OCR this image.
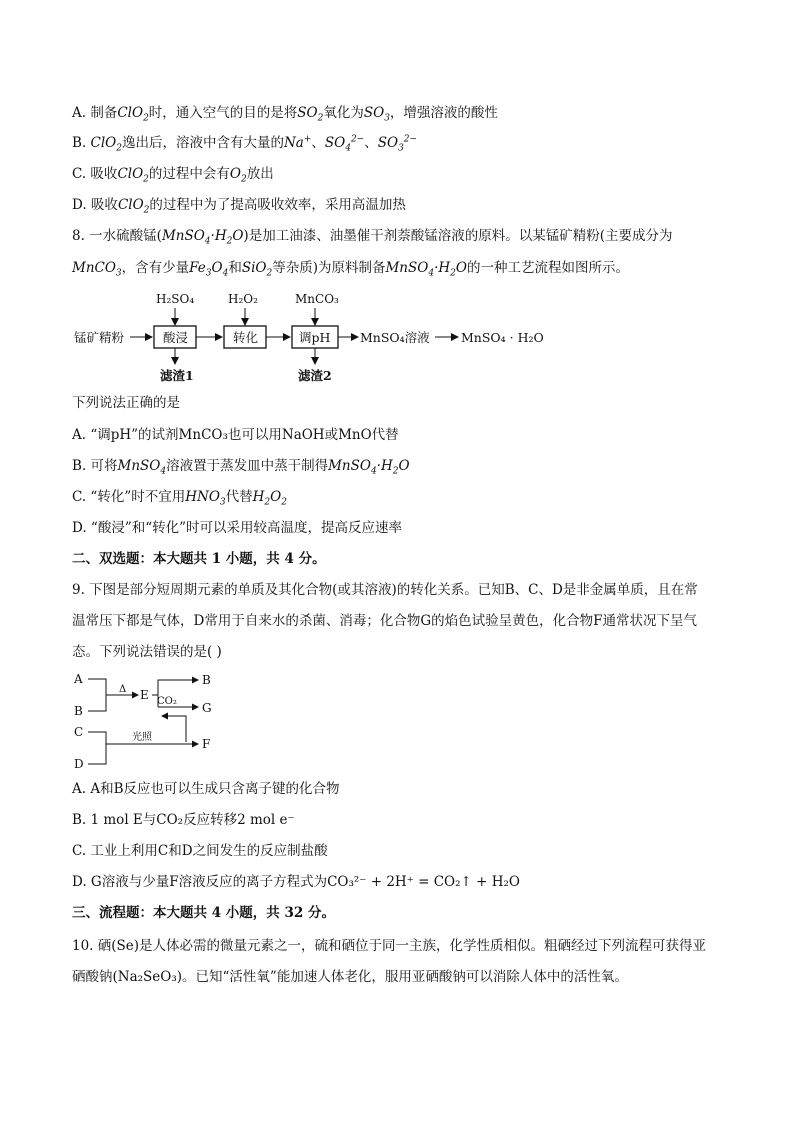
A. 制备ClO$_2$时，通入空气的目的是将$SO_2$氧化为$SO_3$，增强溶液的酸性
B. ClO$_2$逸出后，溶液中含有大量的Na+、$SO_4^{2-}$、$SO_3^{2-}$
C. 吸收ClO$_2$的过程中会有$O_2$放出
D. 吸收ClO$_2$的过程中为了提高吸收效率，采用高温加热
8. 一水硫酸锰$(MnSO_4\cdot H_2O)$是加工油漆、油墨催干剂萘酸锰溶液的原料。以某锰矿精粉(主要成分为
MnCO$_3$，含有少量$Fe_3O_4$和SiO$_2$等杂质)为原料制备$MnSO_4\cdot H_2O$的一种工艺流程如图所示。
H₂SO₄	H₂O₂	MnCO₃
锰矿精粉	酸浸	转化	调pH MnSO₄溶液	MnSO₄ · H₂O
滤渣1	滤渣2
下列说法正确的是
A. “调pH”的试剂MnCO₃也可以用NaOH或MnO代替
B. 可将MnSO$_4$溶液置于蒸发皿中蒸干制得$MnSO_4\cdot H_2O$
C. “转化”时不宜用$HNO_3$代替$H_2O_2$
D. “酸浸”和“转化”时可以采用较高温度，提高反应速率
二、双选题：本大题共 1 小题，共 4 分。
9. 下图是部分短周期元素的单质及其化合物(或其溶液)的转化关系。已知B、C、D是非金属单质，且在常
温常压下都是气体，D常用于自来水的杀菌、消毒；化合物G的焰色试验呈黄色，化合物F通常状况下呈气
态。下列说法错误的是( )
A
B
C
D
Δ E CO₂
B
G
光照	F
A. A和B反应也可以生成只含离子键的化合物
B. 1 mol E与CO₂反应转移2 mol e⁻
C. 工业上利用C和D之间发生的反应制盐酸
D. G溶液与少量F溶液反应的离子方程式为CO₃²⁻ + 2H⁺ = CO₂↑ + H₂O
三、流程题：本大题共 4 小题，共 32 分。
10. 硒(Se)是人体必需的微量元素之一，硫和硒位于同一主族，化学性质相似。粗硒经过下列流程可获得亚
硒酸钠(Na₂SeO₃)。已知“活性氧”能加速人体老化，服用亚硒酸钠可以消除人体中的活性氧。
